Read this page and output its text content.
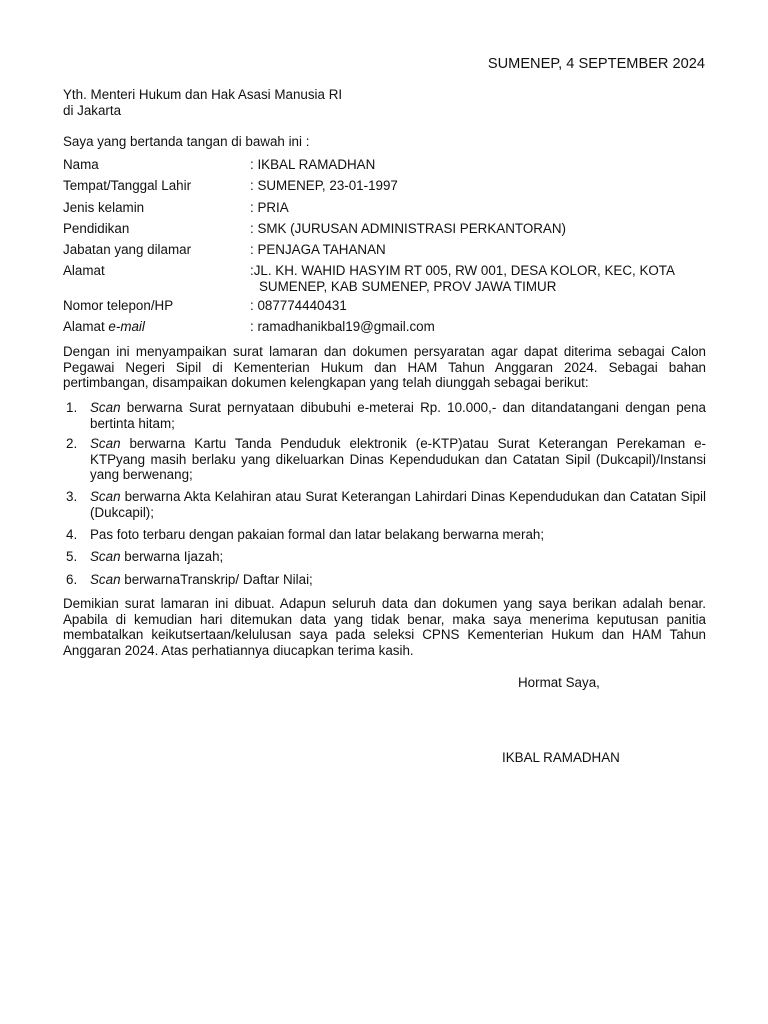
SUMENEP, 4 SEPTEMBER 2024
Yth. Menteri Hukum dan Hak Asasi Manusia RI
di Jakarta
Saya yang bertanda tangan di bawah ini :
Nama	: IKBAL RAMADHAN
Tempat/Tanggal Lahir	: SUMENEP, 23-01-1997
Jenis kelamin	: PRIA
Pendidikan	: SMK (JURUSAN ADMINISTRASI PERKANTORAN)
Jabatan yang dilamar	: PENJAGA TAHANAN
Alamat	:JL. KH. WAHID HASYIM RT 005, RW 001, DESA KOLOR, KEC, KOTA
SUMENEP, KAB SUMENEP, PROV JAWA TIMUR
Nomor telepon/HP	: 087774440431
Alamat e-mail	: ramadhanikbal19@gmail.com
Dengan ini menyampaikan surat lamaran dan dokumen persyaratan agar dapat diterima sebagai Calon Pegawai Negeri Sipil di Kementerian Hukum dan HAM Tahun Anggaran 2024. Sebagai bahan pertimbangan, disampaikan dokumen kelengkapan yang telah diunggah sebagai berikut:
1. Scan berwarna Surat pernyataan dibubuhi e-meterai Rp. 10.000,- dan ditandatangani dengan pena bertinta hitam;
2. Scan berwarna Kartu Tanda Penduduk elektronik (e-KTP)atau Surat Keterangan Perekaman e-KTPyang masih berlaku yang dikeluarkan Dinas Kependudukan dan Catatan Sipil (Dukcapil)/Instansi yang berwenang;
3. Scan berwarna Akta Kelahiran atau Surat Keterangan Lahirdari Dinas Kependudukan dan Catatan Sipil (Dukcapil);
4. Pas foto terbaru dengan pakaian formal dan latar belakang berwarna merah;
5. Scan berwarna Ijazah;
6. Scan berwarnaTranskrip/ Daftar Nilai;
Demikian surat lamaran ini dibuat. Adapun seluruh data dan dokumen yang saya berikan adalah benar. Apabila di kemudian hari ditemukan data yang tidak benar, maka saya menerima keputusan panitia membatalkan keikutsertaan/kelulusan saya pada seleksi CPNS Kementerian Hukum dan HAM Tahun Anggaran 2024. Atas perhatiannya diucapkan terima kasih.
Hormat Saya,
IKBAL RAMADHAN
